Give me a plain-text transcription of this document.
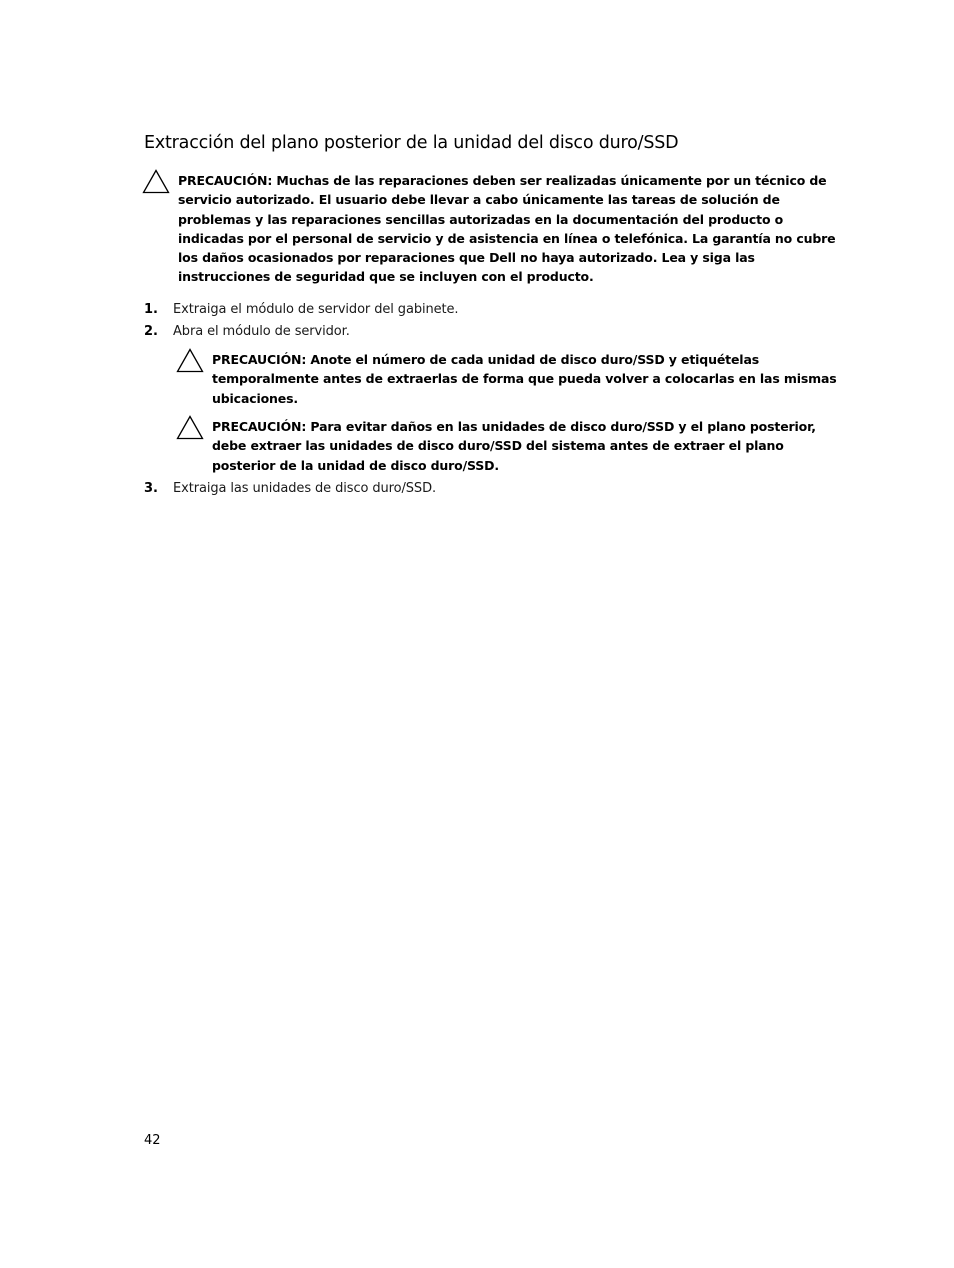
Extracción del plano posterior de la unidad del disco duro/SSD
PRECAUCIÓN: Muchas de las reparaciones deben ser realizadas únicamente por un técnico de servicio autorizado. El usuario debe llevar a cabo únicamente las tareas de solución de problemas y las reparaciones sencillas autorizadas en la documentación del producto o indicadas por el personal de servicio y de asistencia en línea o telefónica. La garantía no cubre los daños ocasionados por reparaciones que Dell no haya autorizado. Lea y siga las instrucciones de seguridad que se incluyen con el producto.
1. Extraiga el módulo de servidor del gabinete.
2. Abra el módulo de servidor.
PRECAUCIÓN: Anote el número de cada unidad de disco duro/SSD y etiquételas temporalmente antes de extraerlas de forma que pueda volver a colocarlas en las mismas ubicaciones.
PRECAUCIÓN: Para evitar daños en las unidades de disco duro/SSD y el plano posterior, debe extraer las unidades de disco duro/SSD del sistema antes de extraer el plano posterior de la unidad de disco duro/SSD.
3. Extraiga las unidades de disco duro/SSD.
42
